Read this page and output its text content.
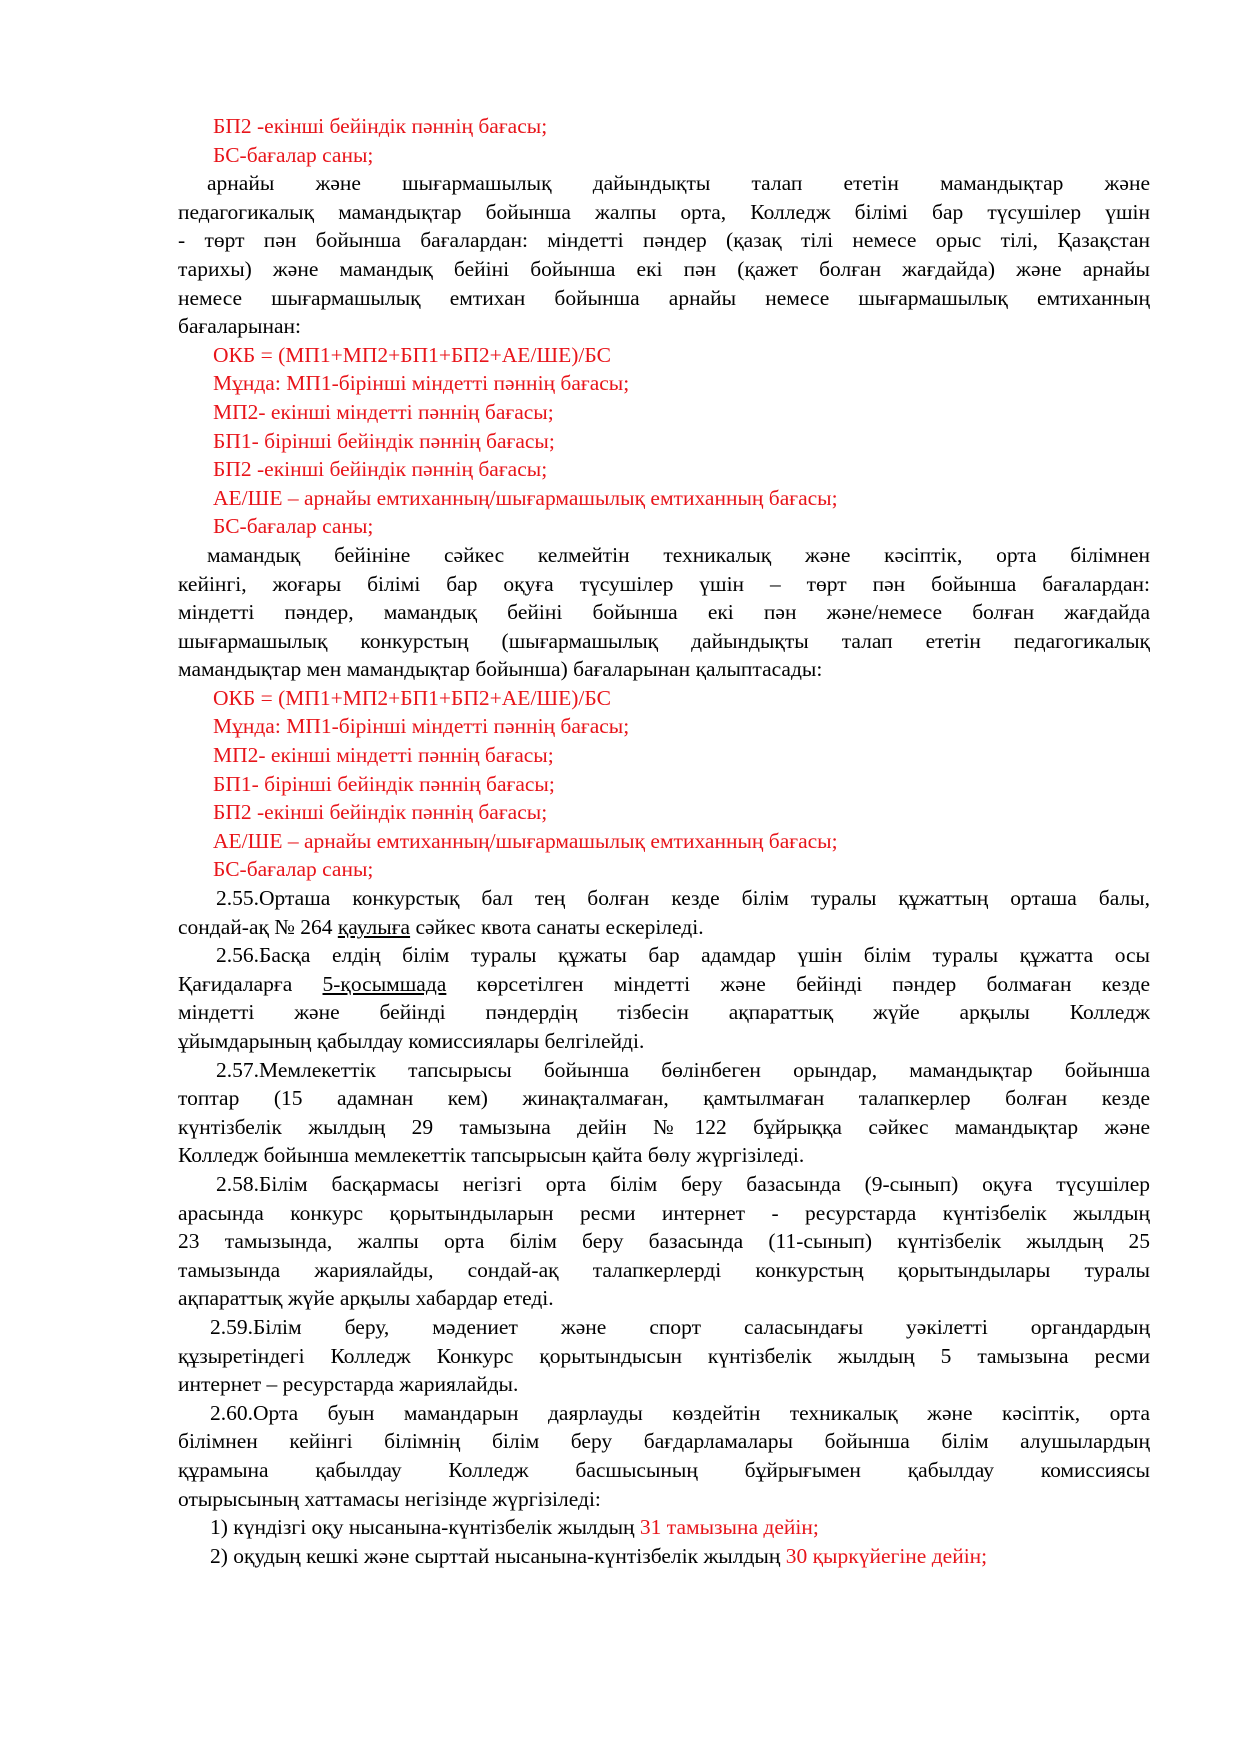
БП2 -екінші бейіндік пәннің бағасы;
БС-бағалар саны;
арнайы және шығармашылық дайындықты талап ететін мамандықтар және
педагогикалық мамандықтар бойынша жалпы орта, Колледж білімі бар түсушілер үшін
- төрт пән бойынша бағалардан: міндетті пәндер (қазақ тілі немесе орыс тілі, Қазақстан
тарихы) және мамандық бейіні бойынша екі пән (қажет болған жағдайда) және арнайы
немесе шығармашылық емтихан бойынша арнайы немесе шығармашылық емтиханның
бағаларынан:
ОКБ = (МП1+МП2+БП1+БП2+АЕ/ШЕ)/БС
Мұнда: МП1-бірінші міндетті пәннің бағасы;
МП2- екінші міндетті пәннің бағасы;
БП1- бірінші бейіндік пәннің бағасы;
БП2 -екінші бейіндік пәннің бағасы;
АЕ/ШЕ – арнайы емтиханның/шығармашылық емтиханның бағасы;
БС-бағалар саны;
мамандық бейініне сәйкес келмейтін техникалық және кәсіптік, орта білімнен
кейінгі, жоғары білімі бар оқуға түсушілер үшін – төрт пән бойынша бағалардан:
міндетті пәндер, мамандық бейіні бойынша екі пән және/немесе болған жағдайда
шығармашылық конкурстың (шығармашылық дайындықты талап ететін педагогикалық
мамандықтар мен мамандықтар бойынша) бағаларынан қалыптасады:
ОКБ = (МП1+МП2+БП1+БП2+АЕ/ШЕ)/БС
Мұнда: МП1-бірінші міндетті пәннің бағасы;
МП2- екінші міндетті пәннің бағасы;
БП1- бірінші бейіндік пәннің бағасы;
БП2 -екінші бейіндік пәннің бағасы;
АЕ/ШЕ – арнайы емтиханның/шығармашылық емтиханның бағасы;
БС-бағалар саны;
2.55.Орташа конкурстық бал тең болған кезде білім туралы құжаттың орташа балы,
сондай-ақ № 264 қаулыға сәйкес квота санаты ескеріледі.
2.56.Басқа елдің білім туралы құжаты бар адамдар үшін білім туралы құжатта осы
Қағидаларға 5-қосымшада көрсетілген міндетті және бейінді пәндер болмаған кезде
міндетті және бейінді пәндердің тізбесін ақпараттық жүйе арқылы Колледж
ұйымдарының қабылдау комиссиялары белгілейді.
2.57.Мемлекеттік тапсырысы бойынша бөлінбеген орындар, мамандықтар бойынша
топтар (15 адамнан кем) жинақталмаған, қамтылмаған талапкерлер болған кезде
күнтізбелік жылдың 29 тамызына дейін №122 бұйрыққа сәйкес мамандықтар және
Колледж бойынша мемлекеттік тапсырысын қайта бөлу жүргізіледі.
2.58.Білім басқармасы негізгі орта білім беру базасында (9-сынып) оқуға түсушілер
арасында конкурс қорытындыларын ресми интернет - ресурстарда күнтізбелік жылдың
23 тамызында, жалпы орта білім беру базасында (11-сынып) күнтізбелік жылдың 25
тамызында жариялайды, сондай-ақ талапкерлерді конкурстың қорытындылары туралы
ақпараттық жүйе арқылы хабардар етеді.
2.59.Білім беру, мәдениет және спорт саласындағы уәкілетті органдардың
құзыретіндегі Колледж Конкурс қорытындысын күнтізбелік жылдың 5 тамызына ресми
интернет – ресурстарда жариялайды.
2.60.Орта буын мамандарын даярлауды көздейтін техникалық және кәсіптік, орта
білімнен кейінгі білімнің білім беру бағдарламалары бойынша білім алушылардың
құрамына қабылдау Колледж басшысының бұйрығымен қабылдау комиссиясы
отырысының хаттамасы негізінде жүргізіледі:
1) күндізгі оқу нысанына-күнтізбелік жылдың 31 тамызына дейін;
2) оқудың кешкі және сырттай нысанына-күнтізбелік жылдың 30 қыркүйегіне дейін;
